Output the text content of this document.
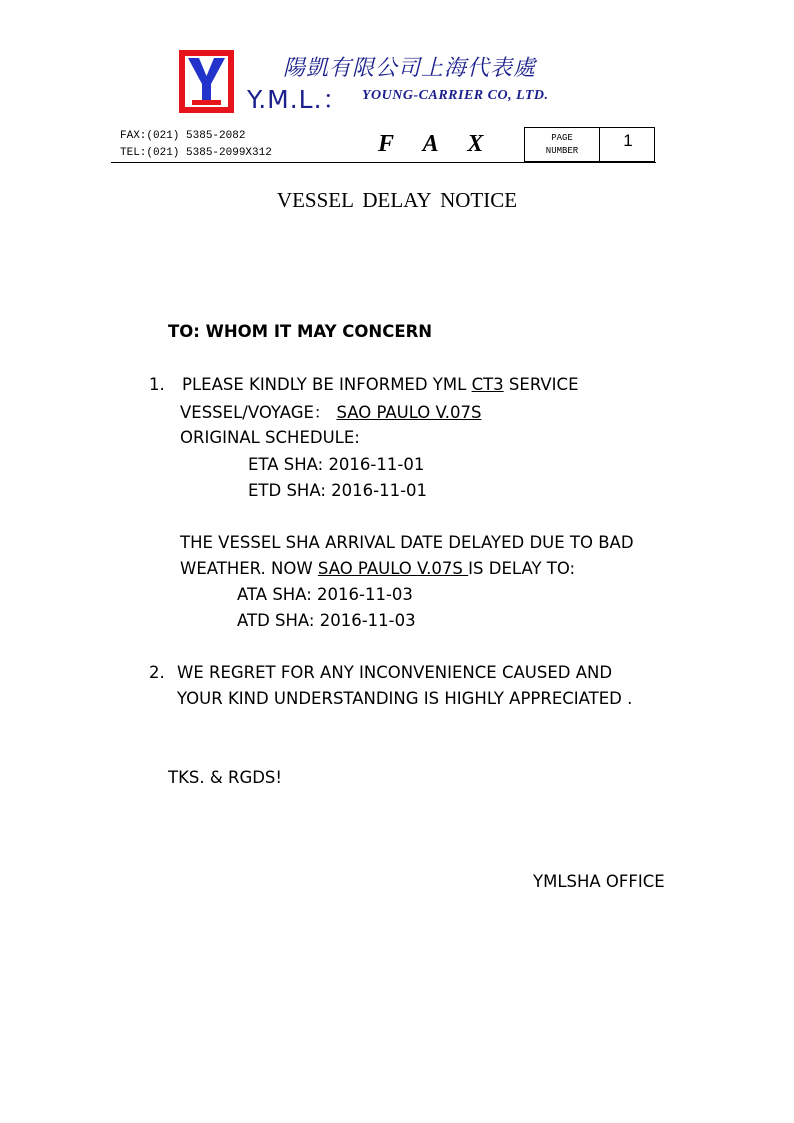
陽凱有限公司上海代表處
Y.M.L.： YOUNG-CARRIER CO, LTD.
FAX:(021) 5385-2082
TEL:(021) 5385-2099X312	F A X	PAGE
NUMBER
1
VESSEL DELAY NOTICE
TO: WHOM IT MAY CONCERN
1. PLEASE KINDLY BE INFORMED YML CT3 SERVICE
VESSEL/VOYAGE： SAO PAULO V.07S
ORIGINAL SCHEDULE:
ETA SHA: 2016-11-01
ETD SHA: 2016-11-01
THE VESSEL SHA ARRIVAL DATE DELAYED DUE TO BAD
WEATHER. NOW SAO PAULO V.07S IS DELAY TO:
ATA SHA: 2016-11-03
ATD SHA: 2016-11-03
2. WE REGRET FOR ANY INCONVENIENCE CAUSED AND
YOUR KIND UNDERSTANDING IS HIGHLY APPRECIATED .
TKS. & RGDS!
YMLSHA OFFICE
